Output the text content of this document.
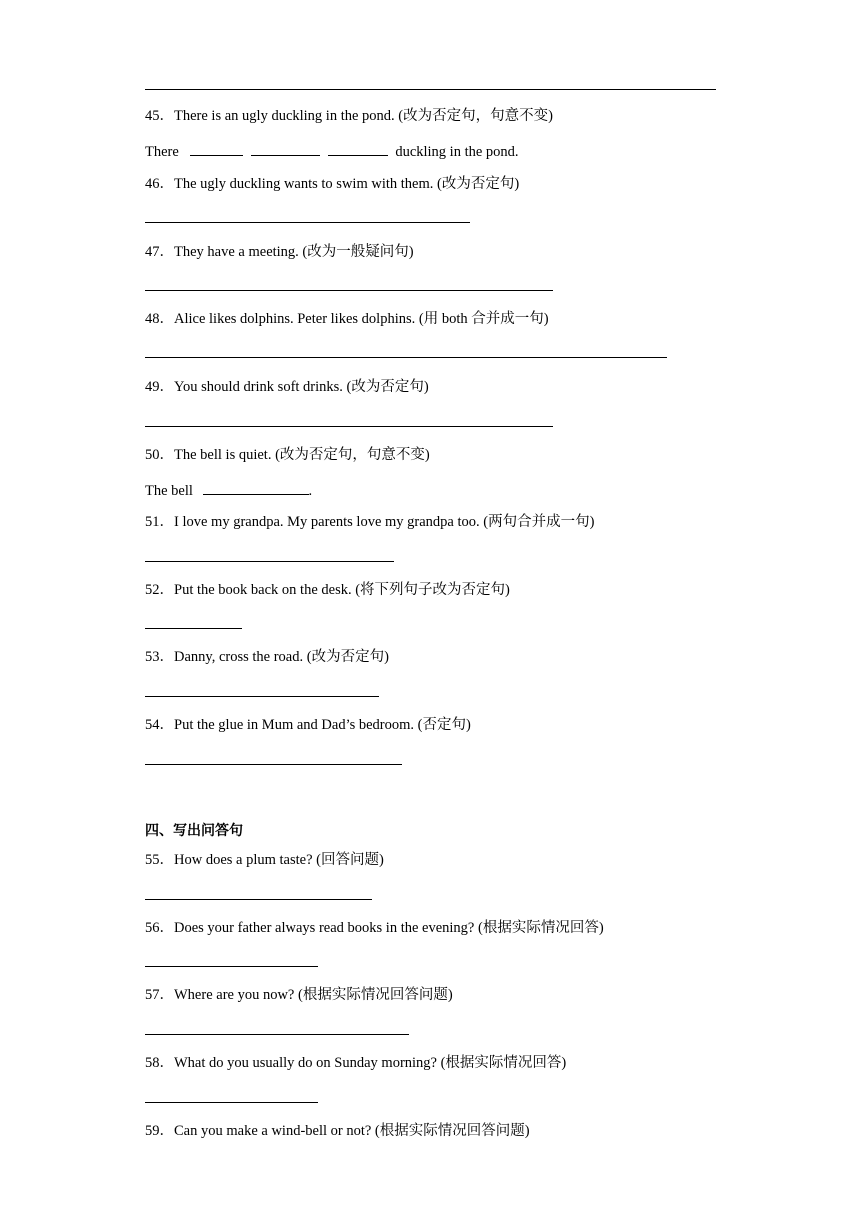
45．There is an ugly duckling in the pond. (改为否定句，句意不变)
There	duckling in the pond.
46．The ugly duckling wants to swim with them. (改为否定句)
47．They have a meeting. (改为一般疑问句)
48．Alice likes dolphins. Peter likes dolphins. (用 both 合并成一句)
49．You should drink soft drinks. (改为否定句)
50．The bell is quiet. (改为否定句，句意不变)
The bell	.
51．I love my grandpa. My parents love my grandpa too. (两句合并成一句)
52．Put the book back on the desk. (将下列句子改为否定句)
53．Danny, cross the road. (改为否定句)
54．Put the glue in Mum and Dad’s bedroom. (否定句)
四、写出问答句
55．How does a plum taste? (回答问题)
56．Does your father always read books in the evening? (根据实际情况回答)
57．Where are you now? (根据实际情况回答问题)
58．What do you usually do on Sunday morning? (根据实际情况回答)
59．Can you make a wind-bell or not? (根据实际情况回答问题)
